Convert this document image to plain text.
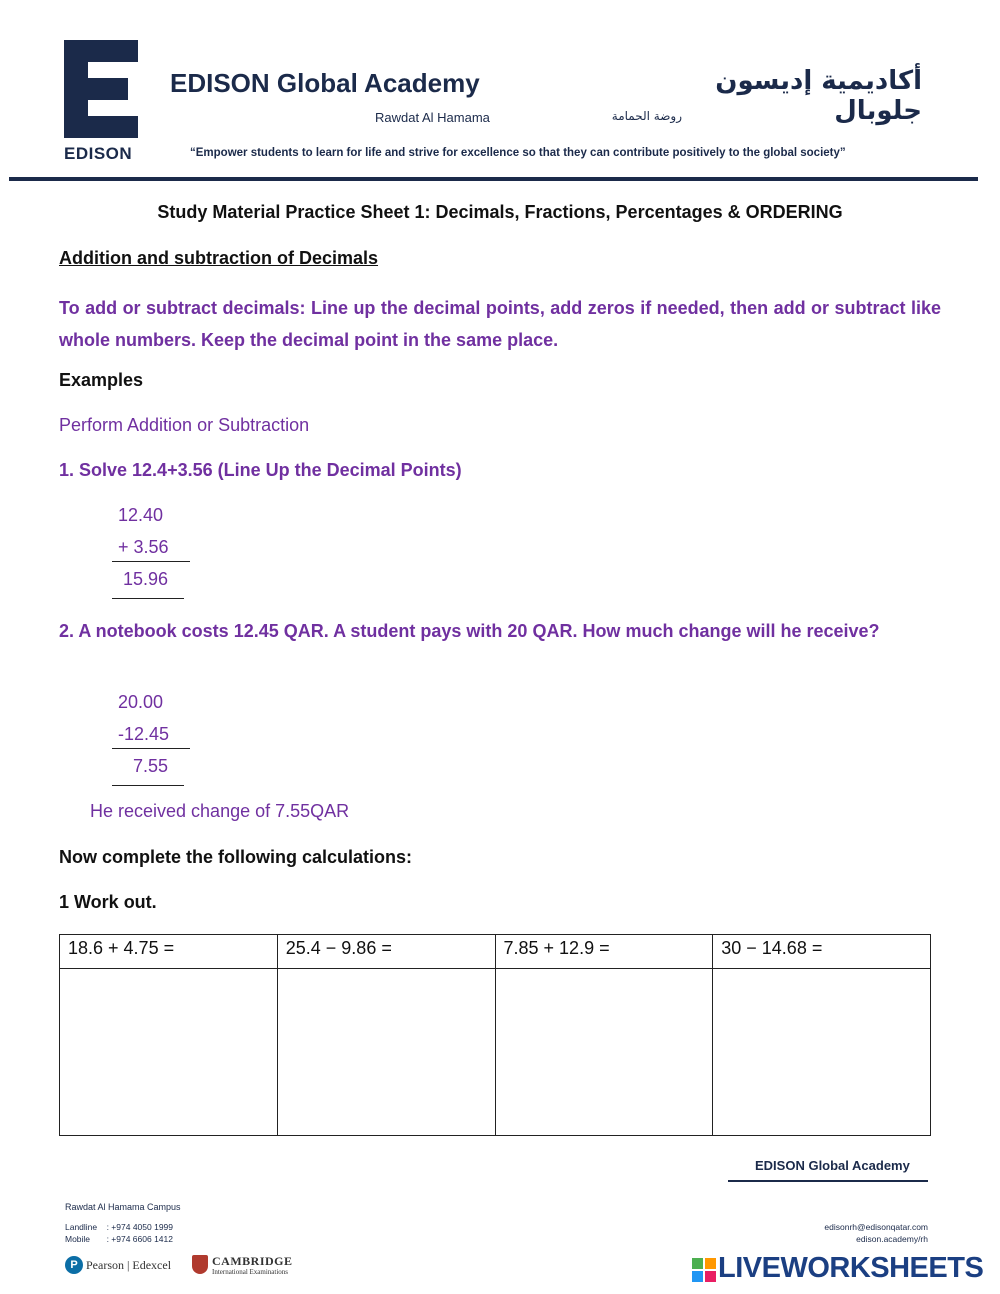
EDISON
EDISON Global Academy	أكاديمية إديسون جلوبال
Rawdat Al Hamama	روضة الحمامة
“Empower students to learn for life and strive for excellence so that they can contribute positively to the global society”
Study Material Practice Sheet 1: Decimals, Fractions, Percentages & ORDERING
Addition and subtraction of Decimals
To add or subtract decimals: Line up the decimal points, add zeros if needed, then add or subtract like whole numbers. Keep the decimal point in the same place.
Examples
Perform Addition or Subtraction
1. Solve 12.4+3.56 (Line Up the Decimal Points)
12.40
+ 3.56
15.96
2. A notebook costs 12.45 QAR. A student pays with 20 QAR. How much change will he receive?
20.00
-12.45
7.55
He received change of 7.55QAR
Now complete the following calculations:
1 Work out.
18.6 + 4.75 =	25.4 − 9.86 =	7.85 + 12.9 =	30 − 14.68 =

EDISON Global Academy
Rawdat Al Hamama Campus
Landline    : +974 4050 1999
Mobile       : +974 6606 1412
edisonrh@edisonqatar.com
edison.academy/rh
P Pearson | Edexcel	CAMBRIDGE
International Examinations	LIVEWORKSHEETS
